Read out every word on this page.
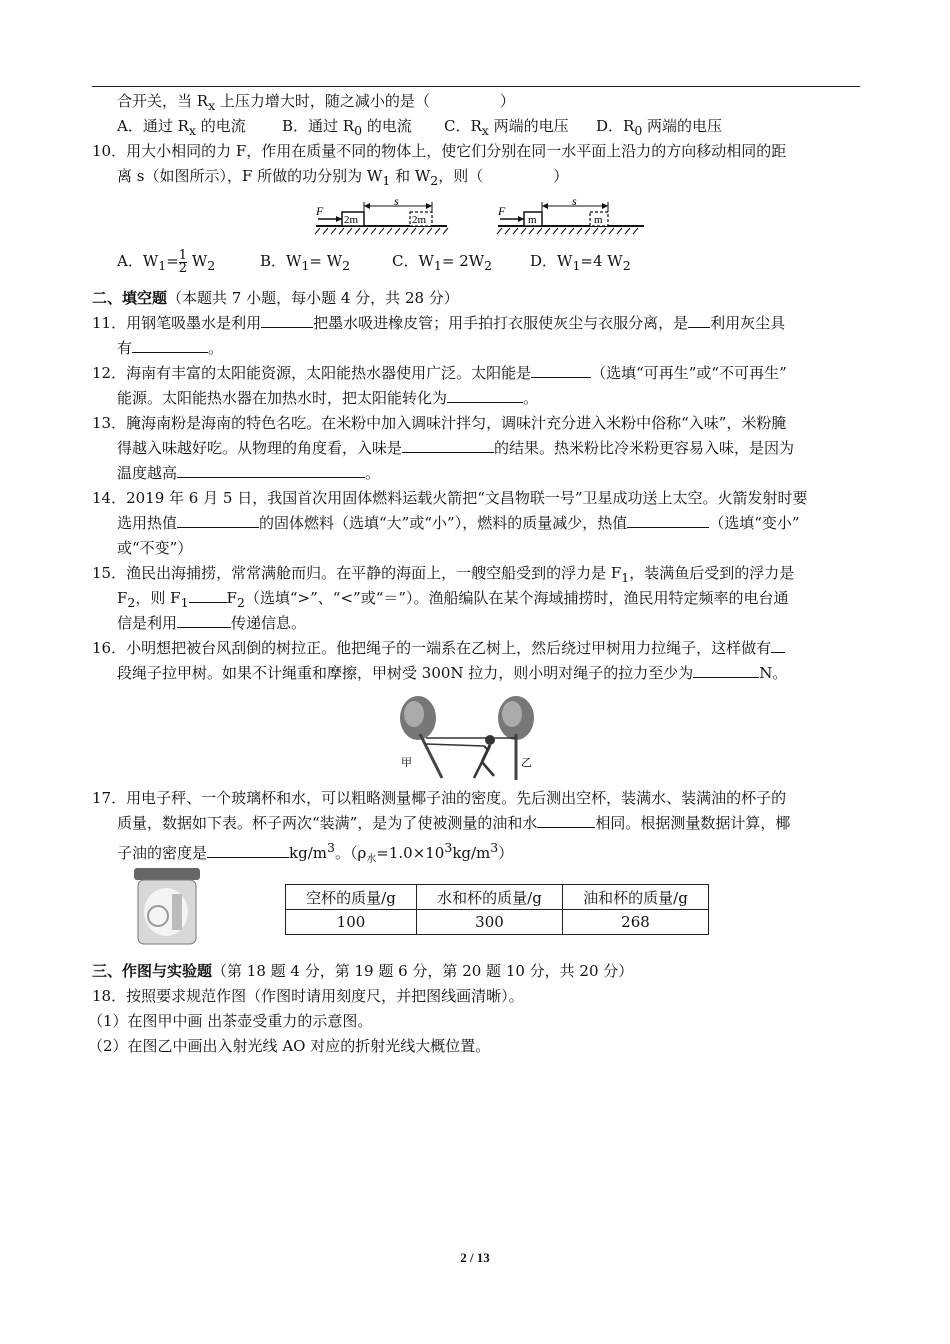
合开关，当 $R_x$ 上压力增大时，随之减小的是（	）
A．通过 $R_x$ 的电流 B．通过 $R_0$ 的电流 C．$R_x$ 两端的电压 D．$R_0$ 两端的电压
10．用大小相同的力 F，作用在质量不同的物体上，使它们分别在同一水平面上沿力的方向移动相同的距
离 s（如图所示），F 所做的功分别为 $W_1$ 和 $W_2$，则（	）
2m	2m
F
s
m	m
F
s
A．$W_1= \frac{1}{2} W_2$	B．$W_1= W_2$	C．$W_1= 2W_2$	D．$W_1=4$ $W_2$
二、填空题（本题共 7 小题，每小题 4 分，共 28 分）
11．用钢笔吸墨水是利用	把墨水吸进橡皮管；用手拍打衣服使灰尘与衣服分离，是 利用灰尘具
有	。
12．海南有丰富的太阳能资源，太阳能热水器使用广泛。太阳能是	（选填“可再生”或“不可再生”
能源。太阳能热水器在加热水时，把太阳能转化为	。
13．腌海南粉是海南的特色名吃。在米粉中加入调味汁拌匀，调味汁充分进入米粉中俗称“入味”，米粉腌
得越入味越好吃。从物理的角度看，入味是	的结果。热米粉比冷米粉更容易入味，是因为
温度越高	。
14．2019 年 6 月 5 日，我国首次用固体燃料运载火箭把“文昌物联一号”卫星成功送上太空。火箭发射时要
选用热值	的固体燃料（选填“大”或“小”），燃料的质量减少，热值	（选填“变小”
或“不变”）
15．渔民出海捕捞，常常满舱而归。在平静的海面上，一艘空船受到的浮力是 $F_1$，装满鱼后受到的浮力是
$F_2$，则 $F_1$	$F_2$（选填“>”、“<”或“＝”）。渔船编队在某个海域捕捞时，渔民用特定频率的电台通
信是利用	传递信息。
16．小明想把被台风刮倒的树拉正。他把绳子的一端系在乙树上，然后绕过甲树用力拉绳子，这样做有
段绳子拉甲树。如果不计绳重和摩擦，甲树受 300N 拉力，则小明对绳子的拉力至少为	N。
甲	乙
17．用电子秤、一个玻璃杯和水，可以粗略测量椰子油的密度。先后测出空杯，装满水、装满油的杯子的
质量，数据如下表。杯子两次“装满”，是为了使被测量的油和水	相同。根据测量数据计算，椰
子油的密度是	$kg/m^3$。$(\rho_水=1.0\times 10^3kg/m^3)$
空杯的质量/g	水和杯的质量/g	油和杯的质量/g
100	300	268
三、作图与实验题（第 18 题 4 分，第 19 题 6 分，第 20 题 10 分，共 20 分）
18．按照要求规范作图（作图时请用刻度尺，并把图线画清晰）。
（1）在图甲中画 出茶壶受重力的示意图。
（2）在图乙中画出入射光线 AO 对应的折射光线大概位置。
2 / 13
